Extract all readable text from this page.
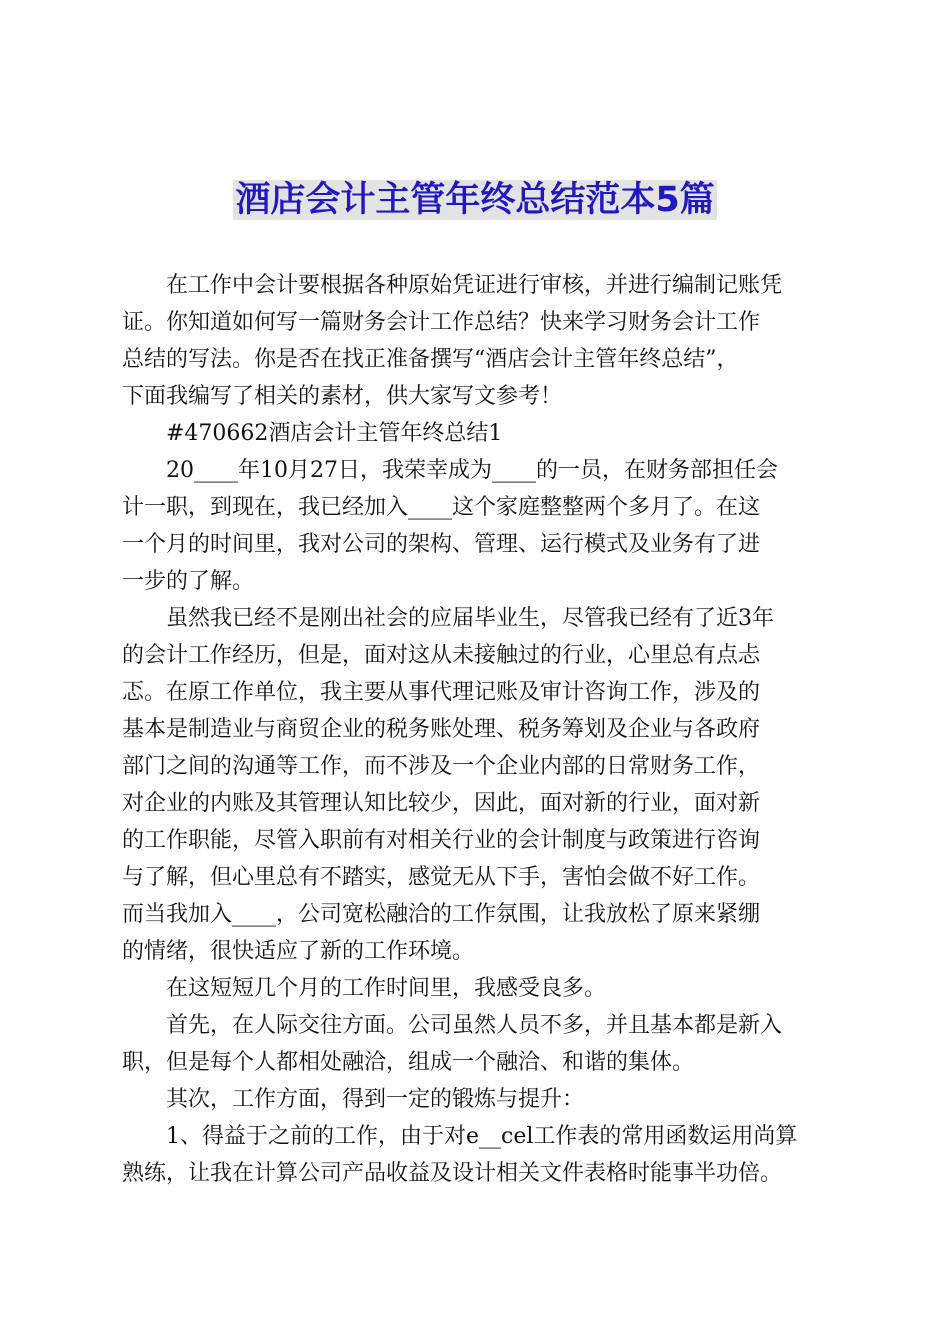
酒店会计主管年终总结范本5篇

在工作中会计要根据各种原始凭证进行审核，并进行编制记账凭
证。你知道如何写一篇财务会计工作总结？快来学习财务会计工作
总结的写法。你是否在找正准备撰写“酒店会计主管年终总结”，
下面我编写了相关的素材，供大家写文参考！

#470662酒店会计主管年终总结1

20____年10月27日，我荣幸成为____的一员，在财务部担任会
计一职，到现在，我已经加入____这个家庭整整两个多月了。在这
一个月的时间里，我对公司的架构、管理、运行模式及业务有了进
一步的了解。

虽然我已经不是刚出社会的应届毕业生，尽管我已经有了近3年
的会计工作经历，但是，面对这从未接触过的行业，心里总有点忐
忑。在原工作单位，我主要从事代理记账及审计咨询工作，涉及的
基本是制造业与商贸企业的税务账处理、税务筹划及企业与各政府
部门之间的沟通等工作，而不涉及一个企业内部的日常财务工作，
对企业的内账及其管理认知比较少，因此，面对新的行业，面对新
的工作职能，尽管入职前有对相关行业的会计制度与政策进行咨询
与了解，但心里总有不踏实，感觉无从下手，害怕会做不好工作。
而当我加入____，公司宽松融洽的工作氛围，让我放松了原来紧绷
的情绪，很快适应了新的工作环境。

在这短短几个月的工作时间里，我感受良多。

首先，在人际交往方面。公司虽然人员不多，并且基本都是新入
职，但是每个人都相处融洽，组成一个融洽、和谐的集体。

其次，工作方面，得到一定的锻炼与提升：

1、得益于之前的工作，由于对e__cel工作表的常用函数运用尚算
熟练，让我在计算公司产品收益及设计相关文件表格时能事半功倍。
